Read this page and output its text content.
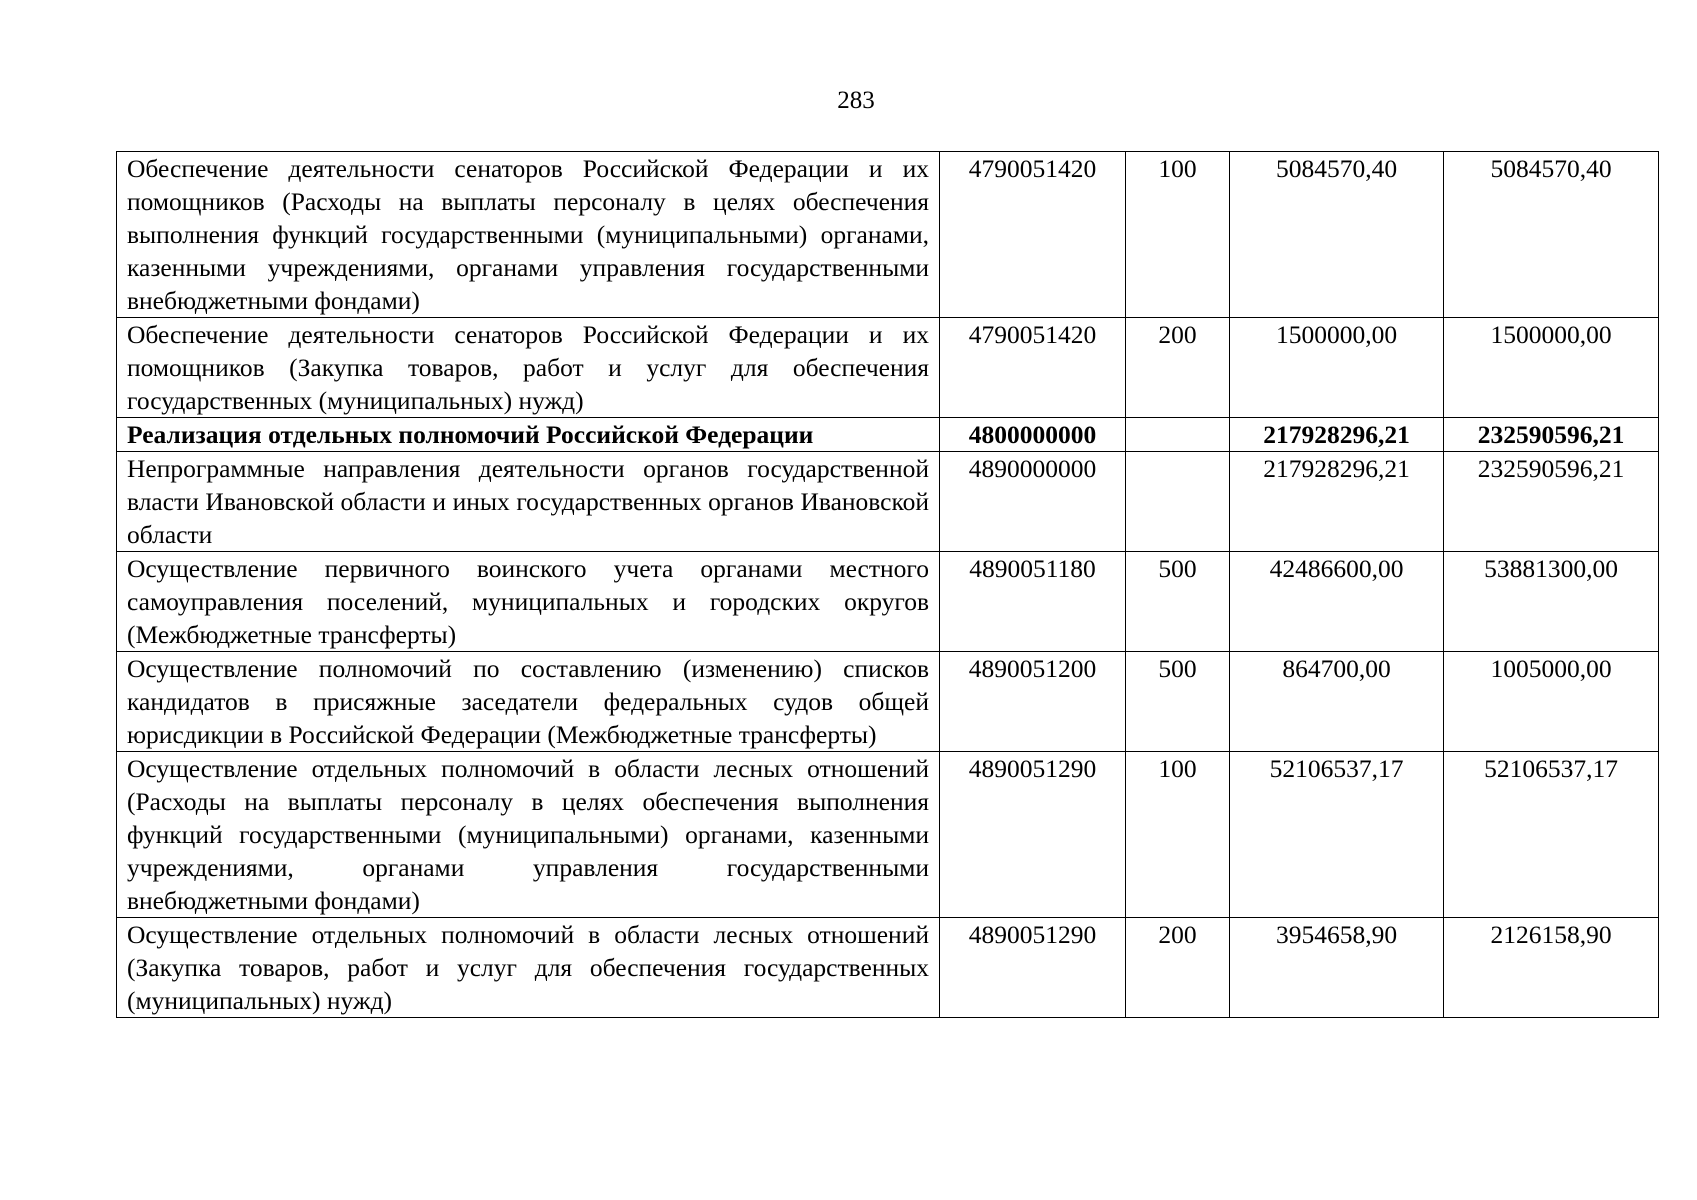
283
Обеспечение деятельности сенаторов Российской Федерации и их помощников (Расходы на выплаты персоналу в целях обеспечения выполнения функций государственными (муниципальными) органами, казенными учреждениями, органами управления государственными внебюджетными фондами)	4790051420	100	5084570,40	5084570,40
Обеспечение деятельности сенаторов Российской Федерации и их помощников (Закупка товаров, работ и услуг для обеспечения государственных (муниципальных) нужд)	4790051420	200	1500000,00	1500000,00
Реализация отдельных полномочий Российской Федерации	4800000000		217928296,21	232590596,21
Непрограммные направления деятельности органов государственной власти Ивановской области и иных государственных органов Ивановской области	4890000000		217928296,21	232590596,21
Осуществление первичного воинского учета органами местного самоуправления поселений, муниципальных и городских округов (Межбюджетные трансферты)	4890051180	500	42486600,00	53881300,00
Осуществление полномочий по составлению (изменению) списков кандидатов в присяжные заседатели федеральных судов общей юрисдикции в Российской Федерации (Межбюджетные трансферты)	4890051200	500	864700,00	1005000,00
Осуществление отдельных полномочий в области лесных отношений (Расходы на выплаты персоналу в целях обеспечения выполнения функций государственными (муниципальными) органами, казенными учреждениями, органами управления государственными внебюджетными фондами)	4890051290	100	52106537,17	52106537,17
Осуществление отдельных полномочий в области лесных отношений (Закупка товаров, работ и услуг для обеспечения государственных (муниципальных) нужд)	4890051290	200	3954658,90	2126158,90
